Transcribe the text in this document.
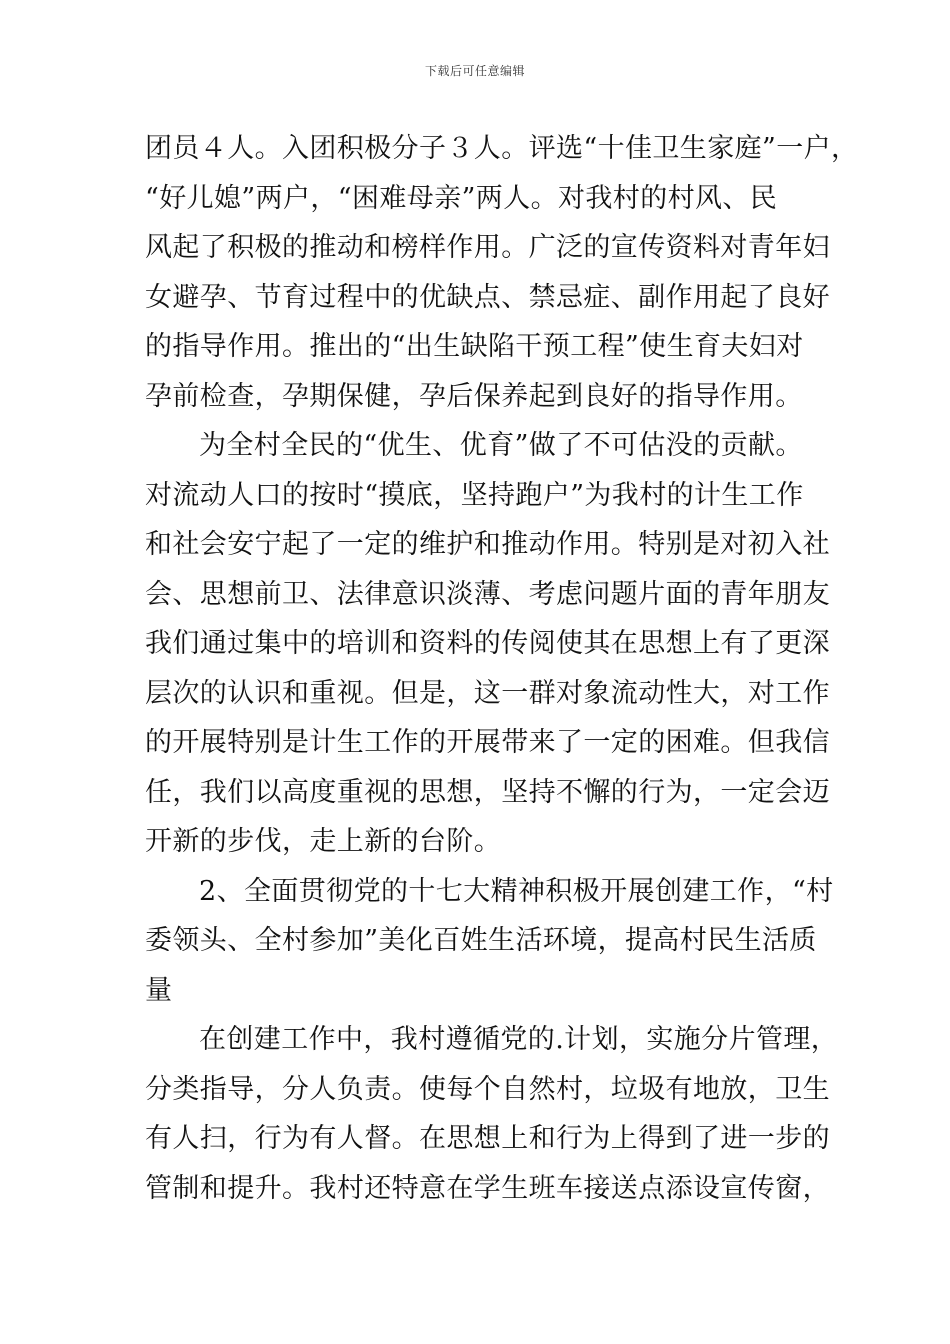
下载后可任意编辑
团员４人。入团积极分子３人。评选“十佳卫生家庭”一户，
“好儿媳”两户，“困难母亲”两人。对我村的村风、民
风起了积极的推动和榜样作用。广泛的宣传资料对青年妇
女避孕、节育过程中的优缺点、禁忌症、副作用起了良好
的指导作用。推出的“出生缺陷干预工程”使生育夫妇对
孕前检查，孕期保健，孕后保养起到良好的指导作用。
为全村全民的“优生、优育”做了不可估没的贡献。
对流动人口的按时“摸底，坚持跑户”为我村的计生工作
和社会安宁起了一定的维护和推动作用。特别是对初入社
会、思想前卫、法律意识淡薄、考虑问题片面的青年朋友
我们通过集中的培训和资料的传阅使其在思想上有了更深
层次的认识和重视。但是，这一群对象流动性大，对工作
的开展特别是计生工作的开展带来了一定的困难。但我信
任，我们以高度重视的思想，坚持不懈的行为，一定会迈
开新的步伐，走上新的台阶。
2、全面贯彻党的十七大精神积极开展创建工作，“村
委领头、全村参加”美化百姓生活环境，提高村民生活质
量
在创建工作中，我村遵循党的.计划，实施分片管理，
分类指导，分人负责。使每个自然村，垃圾有地放，卫生
有人扫，行为有人督。在思想上和行为上得到了进一步的
管制和提升。我村还特意在学生班车接送点添设宣传窗，
